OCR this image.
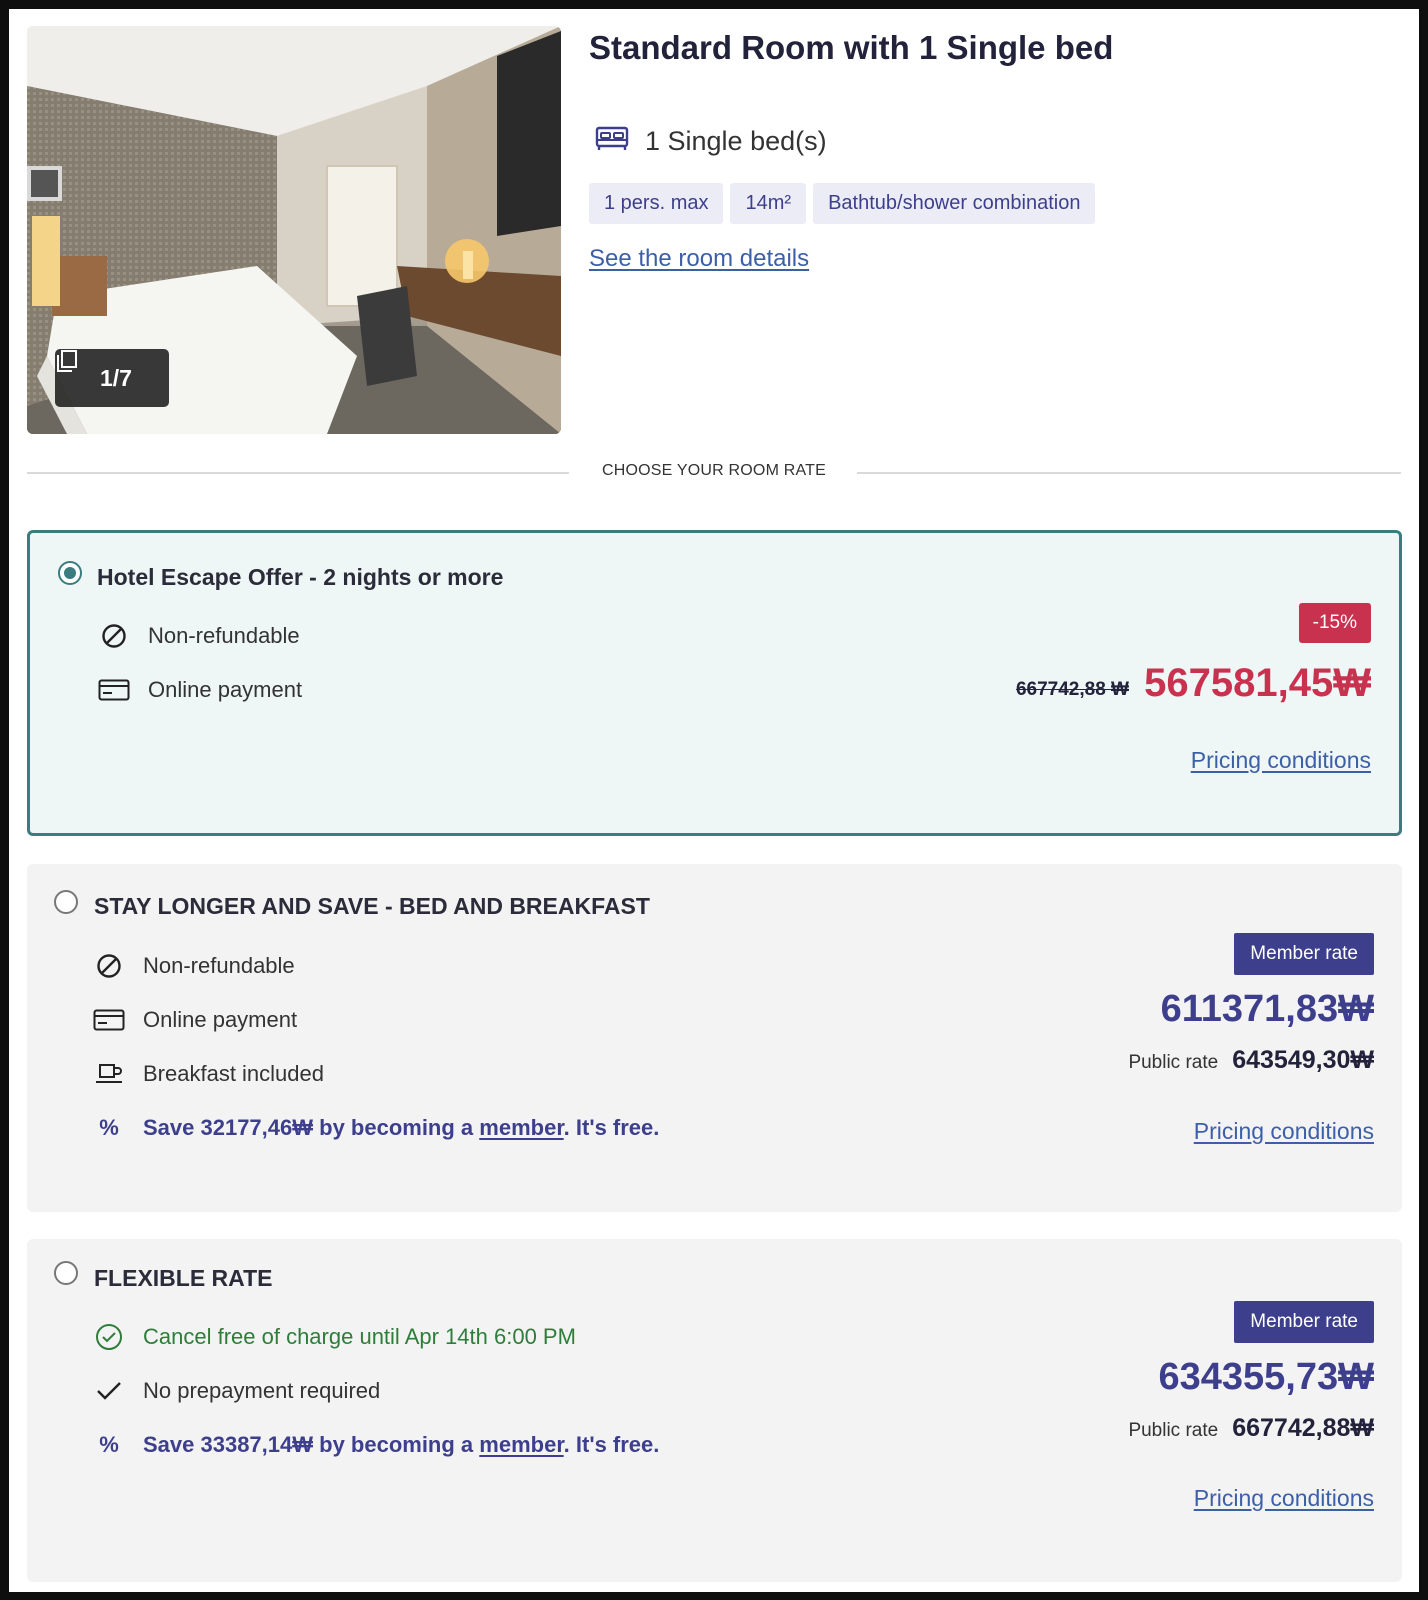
1/7
Standard Room with 1 Single bed
1 Single bed(s)
1 pers. max	14m²	Bathtub/shower combination
See the room details
CHOOSE YOUR ROOM RATE
Hotel Escape Offer - 2 nights or more
Non-refundable
Online payment
-15%
667742,88 ₩ 567581,45₩
Pricing conditions
STAY LONGER AND SAVE - BED AND BREAKFAST
Non-refundable
Online payment
Breakfast included
% Save 32177,46₩ by becoming a member. It's free.
Member rate
611371,83₩
Public rate 643549,30₩
Pricing conditions
FLEXIBLE RATE
Cancel free of charge until Apr 14th 6:00 PM
No prepayment required
% Save 33387,14₩ by becoming a member. It's free.
Member rate
634355,73₩
Public rate 667742,88₩
Pricing conditions
